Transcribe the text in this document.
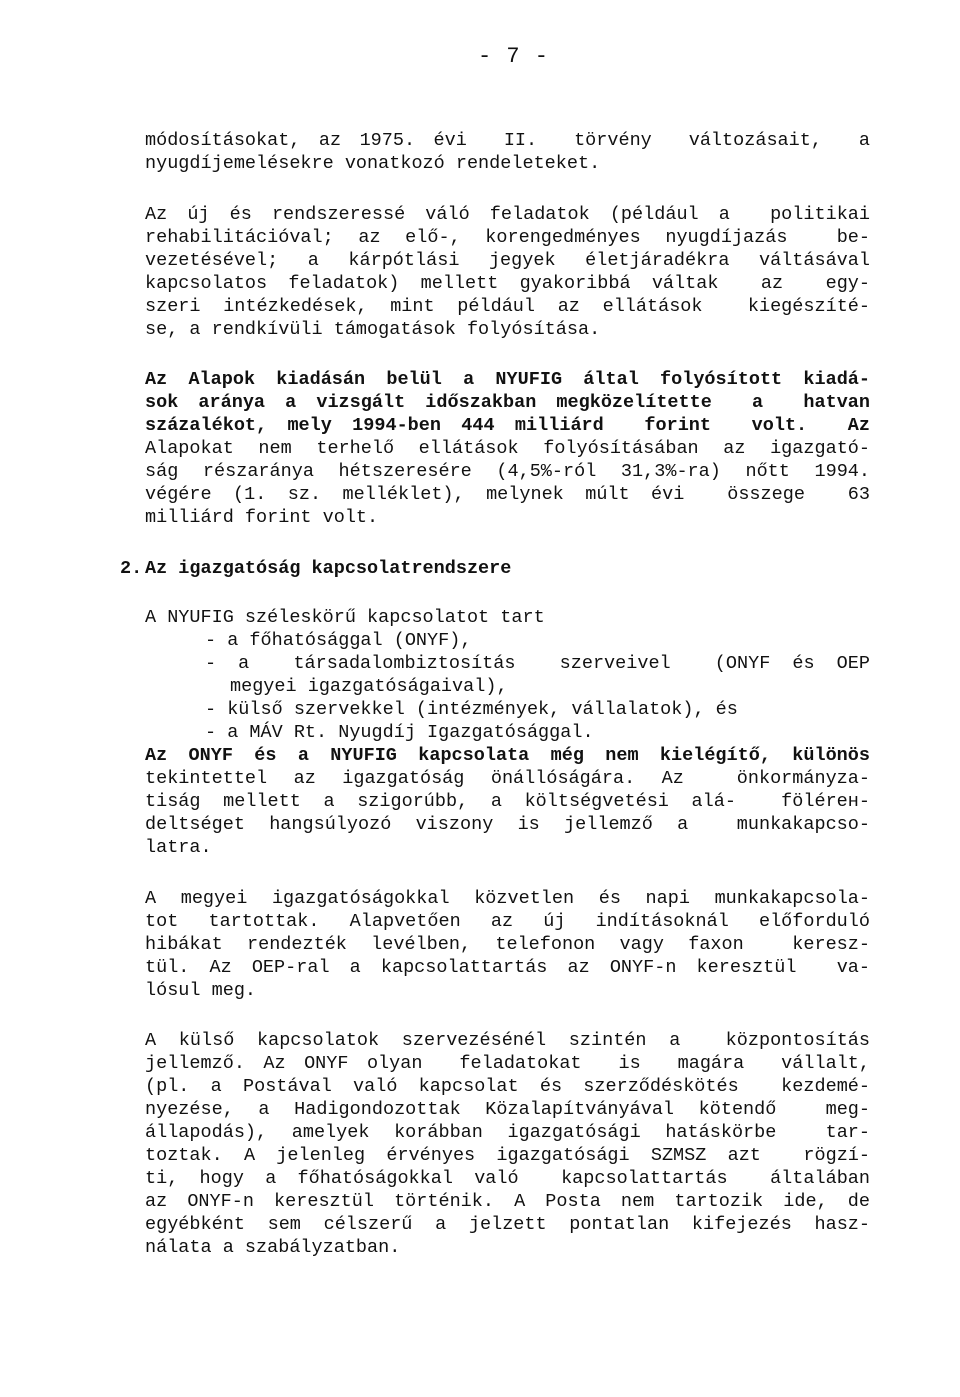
- 7 -
módosításokat, az 1975. évi  II.  törvény  változásait,  a
nyugdíjemelésekre vonatkozó rendeleteket.
Az új és rendszeressé váló feladatok (például a  politikai
rehabilitációval; az elő-, korengedményes nyugdíjazás  be-
vezetésével; a kárpótlási jegyek életjáradékra váltásával
kapcsolatos feladatok) mellett gyakoribbá váltak  az  egy-
szeri intézkedések, mint például az ellátások  kiegészíté-
se, a rendkívüli támogatások folyósítása.
Az Alapok kiadásán belül a NYUFIG által folyósított kiadá-
sok aránya a vizsgált időszakban megközelítette  a  hatvan
százalékot, mely 1994-ben 444 milliárd  forint  volt.  Az
Alapokat nem terhelő ellátások folyósításában az igazgató-
ság részaránya hétszeresére (4,5%-ról 31,3%-ra) nőtt 1994.
végére (1. sz. melléklet), melynek múlt évi  összege  63
milliárd forint volt.
2. Az igazgatóság kapcsolatrendszere
A NYUFIG széleskörű kapcsolatot tart
- a főhatósággal (ONYF),
- a  társadalombiztosítás  szerveivel  (ONYF és OEP
megyei igazgatóságaival),
- külső szervekkel (intézmények, vállalatok), és
- a MÁV Rt. Nyugdíj Igazgatósággal.
Az ONYF és a NYUFIG kapcsolata még nem kielégítő, különös
tekintettel az igazgatóság önállóságára. Az  önkormányza-
tiság mellett a szigorúbb, a költségvetési alá-  fölérен-
deltséget hangsúlyozó viszony is jellemző a  munkakapcso-
latra.
A megyei igazgatóságokkal közvetlen és napi munkakapcsola-
tot tartottak. Alapvetően az új indításoknál előforduló
hibákat rendezték levélben, telefonon vagy faxon  keresz-
tül. Az OEP-ral a kapcsolattartás az ONYF-n keresztül  va-
lósul meg.
A külső kapcsolatok szervezésénél szintén a  központosítás
jellemző. Az ONYF olyan  feladatokat  is  magára  vállalt,
(pl. a Postával való kapcsolat és szerződéskötés  kezdemé-
nyezése, a Hadigondozottak Közalapítványával kötendő  meg-
állapodás), amelyek korábban igazgatósági hatáskörbe  tar-
toztak. A jelenleg érvényes igazgatósági SZMSZ azt  rögzí-
ti, hogy a főhatóságokkal való  kapcsolattartás  általában
az ONYF-n keresztül történik. A Posta nem tartozik ide, de
egyébként sem célszerű a jelzett pontatlan kifejezés hasz-
nálata a szabályzatban.
